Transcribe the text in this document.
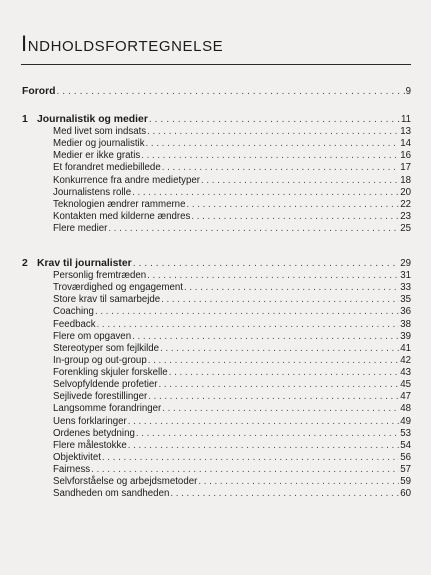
Indholdsfortegnelse
Forord . . .	9
1 Journalistik og medier . . .	11
Med livet som indsats . . .	13
Medier og journalistik . . .	14
Medier er ikke gratis . . .	16
Et forandret mediebillede . . .	17
Konkurrence fra andre medietyper . . .	18
Journalistens rolle . . .	20
Teknologien ændrer rammerne . . .	22
Kontakten med kilderne ændres . . .	23
Flere medier . . .	25
2 Krav til journalister . . .	29
Personlig fremtræden . . .	31
Troværdighed og engagement . . .	33
Store krav til samarbejde . . .	35
Coaching . . .	36
Feedback . . .	38
Flere om opgaven . . .	39
Stereotyper som fejlkilde . . .	41
In-group og out-group . . .	42
Forenkling skjuler forskelle . . .	43
Selvopfyldende profetier . . .	45
Sejlivede forestillinger . . .	47
Langsomme forandringer . . .	48
Uens forklaringer . . .	49
Ordenes betydning . . .	53
Flere målestokke . . .	54
Objektivitet . . .	56
Fairness . . .	57
Selvforståelse og arbejdsmetoder . . .	59
Sandheden om sandheden . . .	60
